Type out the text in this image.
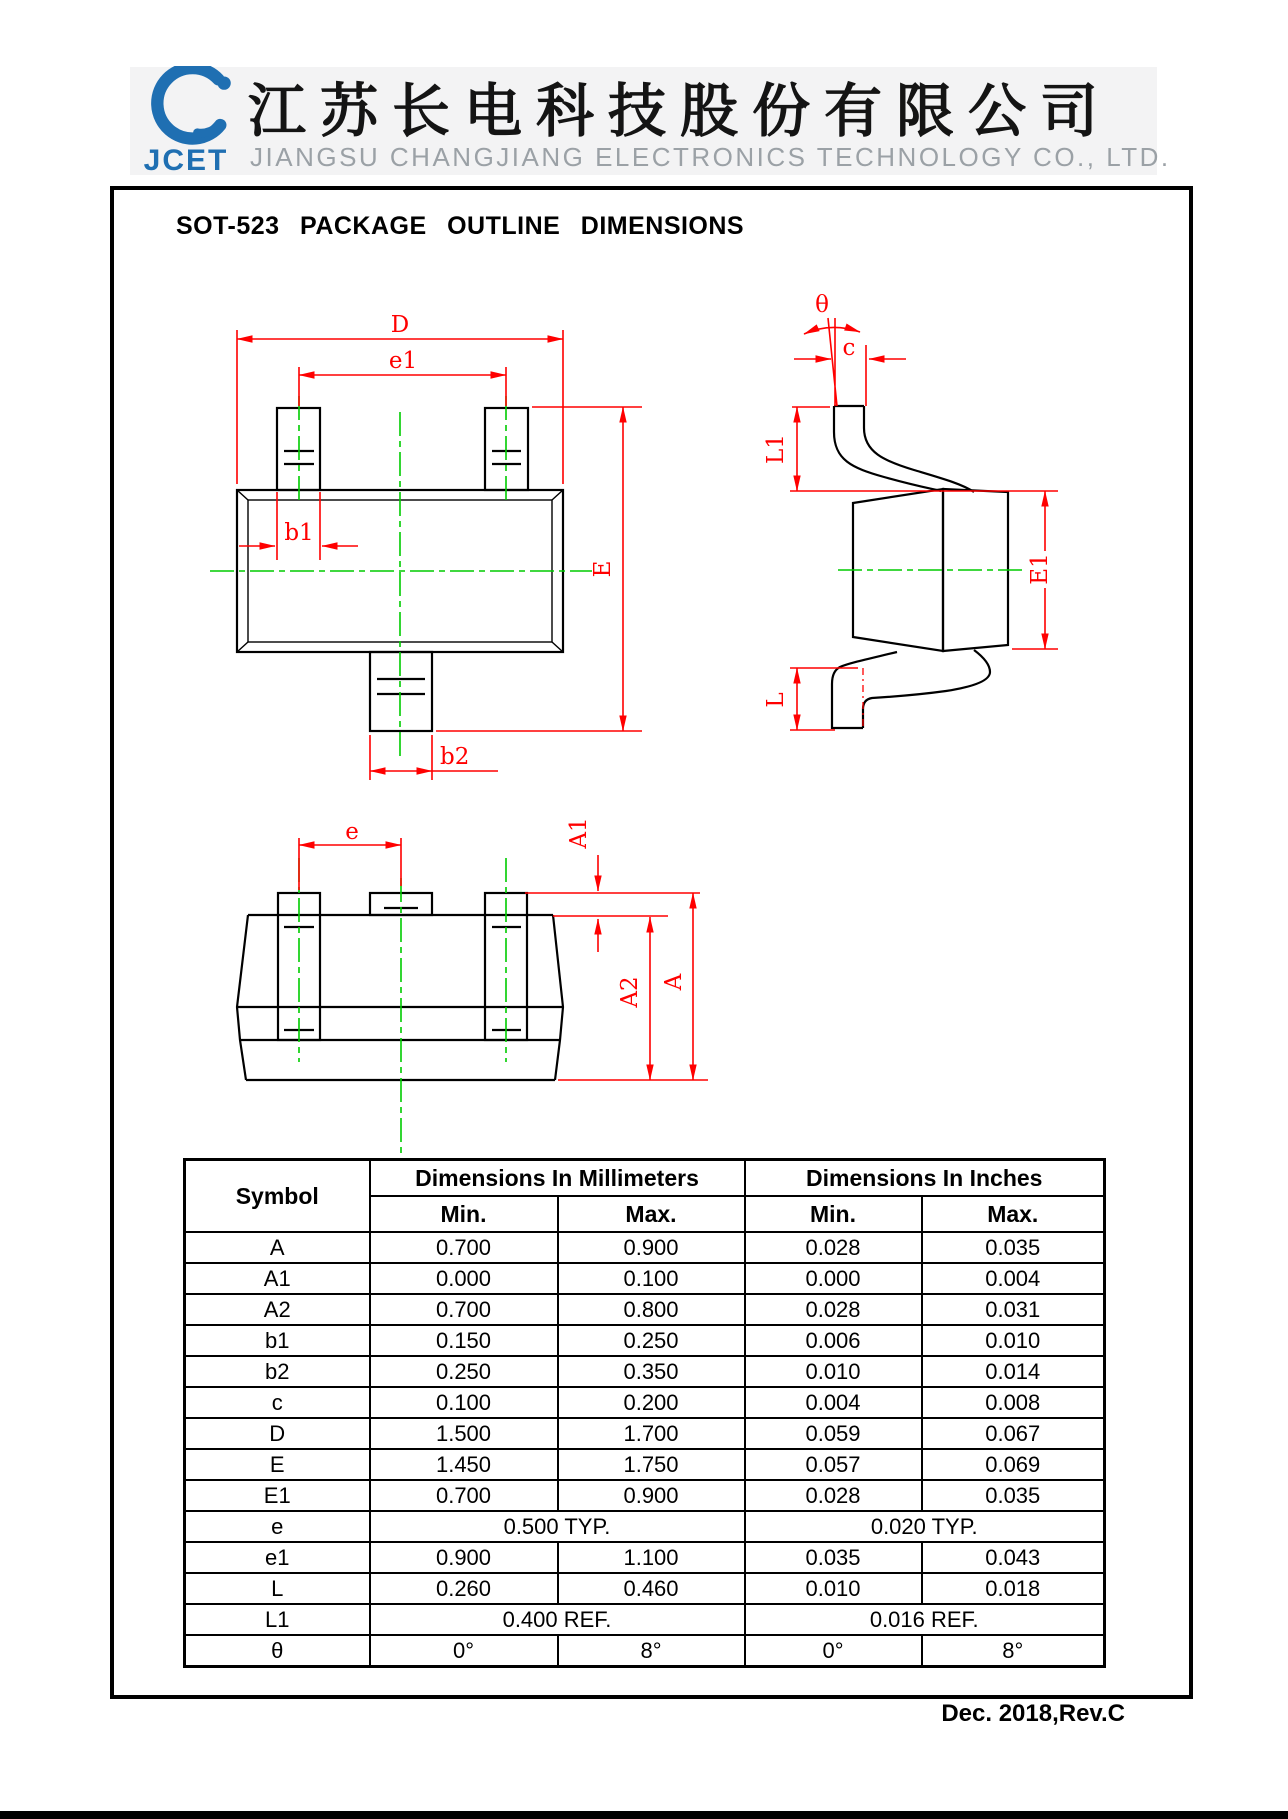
JCET
江苏长电科技股份有限公司
JIANGSU CHANGJIANG ELECTRONICS TECHNOLOGY CO., LTD.
SOT-523 PACKAGE OUTLINE DIMENSIONS
D
e1
b1
b2
E
θ
c
L1
E1
L
e	A1
A2 A
Symbol	Dimensions In Millimeters		Dimensions In Inches	
	Min.	Max.	Min.	Max.
A	0.700	0.900	0.028	0.035
A1	0.000	0.100	0.000	0.004
A2	0.700	0.800	0.028	0.031
b1	0.150	0.250	0.006	0.010
b2	0.250	0.350	0.010	0.014
c	0.100	0.200	0.004	0.008
D	1.500	1.700	0.059	0.067
E	1.450	1.750	0.057	0.069
E1	0.700	0.900	0.028	0.035
e	0.500 TYP.		0.020 TYP.	
e1	0.900	1.100	0.035	0.043
L	0.260	0.460	0.010	0.018
L1	0.400 REF.		0.016 REF.	
θ	0°	8°	0°	8°
Dec. 2018,Rev.C
